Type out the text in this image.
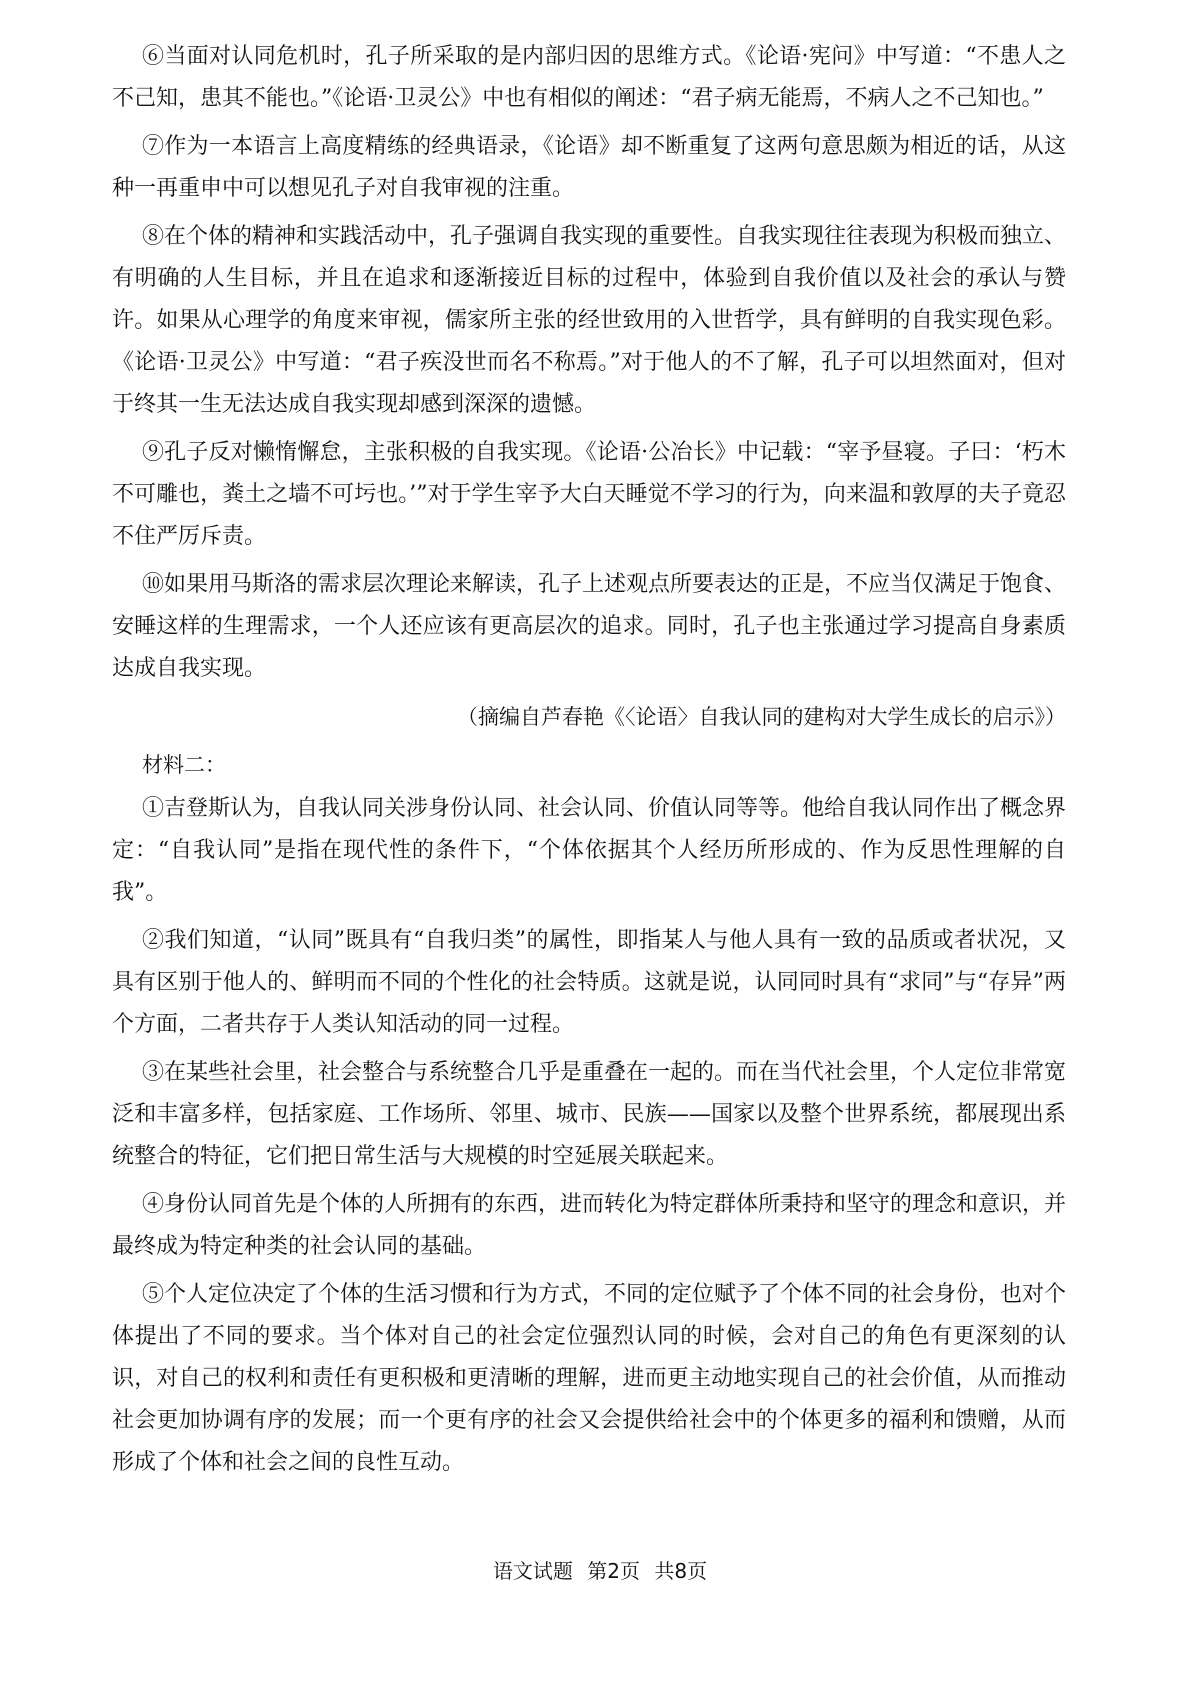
⑥当面对认同危机时，孔子所采取的是内部归因的思维方式。《论语·宪问》中写道：“不患人之不己知，患其不能也。”《论语·卫灵公》中也有相似的阐述：“君子病无能焉，不病人之不己知也。”

⑦作为一本语言上高度精练的经典语录，《论语》却不断重复了这两句意思颇为相近的话，从这种一再重申中可以想见孔子对自我审视的注重。

⑧在个体的精神和实践活动中，孔子强调自我实现的重要性。自我实现往往表现为积极而独立、有明确的人生目标，并且在追求和逐渐接近目标的过程中，体验到自我价值以及社会的承认与赞许。如果从心理学的角度来审视，儒家所主张的经世致用的入世哲学，具有鲜明的自我实现色彩。《论语·卫灵公》中写道：“君子疾没世而名不称焉。”对于他人的不了解，孔子可以坦然面对，但对于终其一生无法达成自我实现却感到深深的遗憾。

⑨孔子反对懒惰懈怠，主张积极的自我实现。《论语·公冶长》中记载：“宰予昼寝。子曰：‘朽木不可雕也，粪土之墙不可圬也。’”对于学生宰予大白天睡觉不学习的行为，向来温和敦厚的夫子竟忍不住严厉斥责。

⑩如果用马斯洛的需求层次理论来解读，孔子上述观点所要表达的正是，不应当仅满足于饱食、安睡这样的生理需求，一个人还应该有更高层次的追求。同时，孔子也主张通过学习提高自身素质达成自我实现。

（摘编自芦春艳《〈论语〉自我认同的建构对大学生成长的启示》）

材料二：

①吉登斯认为，自我认同关涉身份认同、社会认同、价值认同等等。他给自我认同作出了概念界定：“自我认同”是指在现代性的条件下，“个体依据其个人经历所形成的、作为反思性理解的自我”。

②我们知道，“认同”既具有“自我归类”的属性，即指某人与他人具有一致的品质或者状况，又具有区别于他人的、鲜明而不同的个性化的社会特质。这就是说，认同同时具有“求同”与“存异”两个方面，二者共存于人类认知活动的同一过程。

③在某些社会里，社会整合与系统整合几乎是重叠在一起的。而在当代社会里，个人定位非常宽泛和丰富多样，包括家庭、工作场所、邻里、城市、民族——国家以及整个世界系统，都展现出系统整合的特征，它们把日常生活与大规模的时空延展关联起来。

④身份认同首先是个体的人所拥有的东西，进而转化为特定群体所秉持和坚守的理念和意识，并最终成为特定种类的社会认同的基础。

⑤个人定位决定了个体的生活习惯和行为方式，不同的定位赋予了个体不同的社会身份，也对个体提出了不同的要求。当个体对自己的社会定位强烈认同的时候，会对自己的角色有更深刻的认识，对自己的权利和责任有更积极和更清晰的理解，进而更主动地实现自己的社会价值，从而推动社会更加协调有序的发展；而一个更有序的社会又会提供给社会中的个体更多的福利和馈赠，从而形成了个体和社会之间的良性互动。

语文试题 第2页 共8页
